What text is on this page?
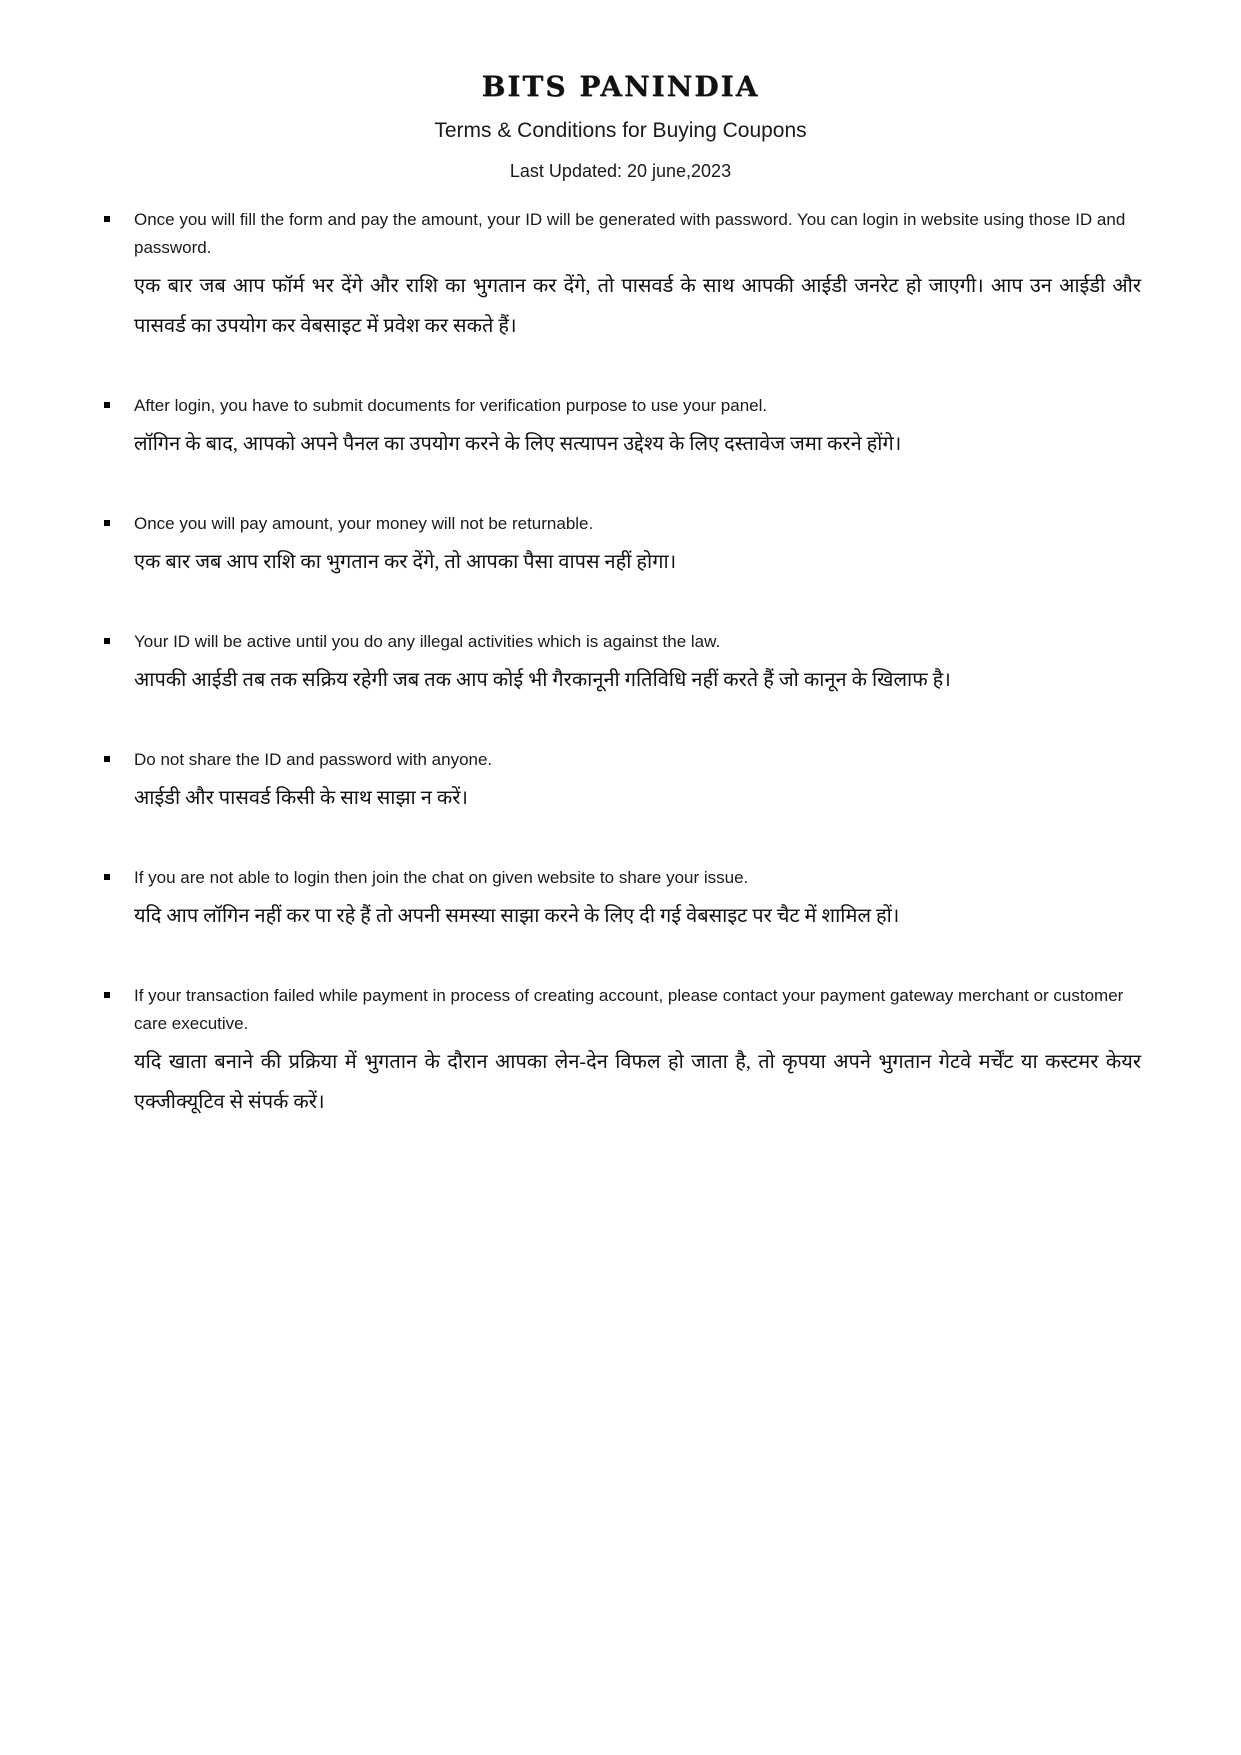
BITS PANINDIA

Terms & Conditions for Buying Coupons

Last Updated: 20 june,2023

Once you will fill the form and pay the amount, your ID will be generated with password. You can login in website using those ID and password.

एक बार जब आप फॉर्म भर देंगे और राशि का भुगतान कर देंगे, तो पासवर्ड के साथ आपकी आईडी जनरेट हो जाएगी। आप उन आईडी और पासवर्ड का उपयोग कर वेबसाइट में प्रवेश कर सकते हैं।

After login, you have to submit documents for verification purpose to use your panel.

लॉगिन के बाद, आपको अपने पैनल का उपयोग करने के लिए सत्यापन उद्देश्य के लिए दस्तावेज जमा करने होंगे।

Once you will pay amount, your money will not be returnable.

एक बार जब आप राशि का भुगतान कर देंगे, तो आपका पैसा वापस नहीं होगा।

Your ID will be active until you do any illegal activities which is against the law.

आपकी आईडी तब तक सक्रिय रहेगी जब तक आप कोई भी गैरकानूनी गतिविधि नहीं करते हैं जो कानून के खिलाफ है।

Do not share the ID and password with anyone.

आईडी और पासवर्ड किसी के साथ साझा न करें।

If you are not able to login then join the chat on given website to share your issue.

यदि आप लॉगिन नहीं कर पा रहे हैं तो अपनी समस्या साझा करने के लिए दी गई वेबसाइट पर चैट में शामिल हों।

If your transaction failed while payment in process of creating account, please contact your payment gateway merchant or customer care executive.

यदि खाता बनाने की प्रक्रिया में भुगतान के दौरान आपका लेन-देन विफल हो जाता है, तो कृपया अपने भुगतान गेटवे मर्चेंट या कस्टमर केयर एक्जीक्यूटिव से संपर्क करें।
